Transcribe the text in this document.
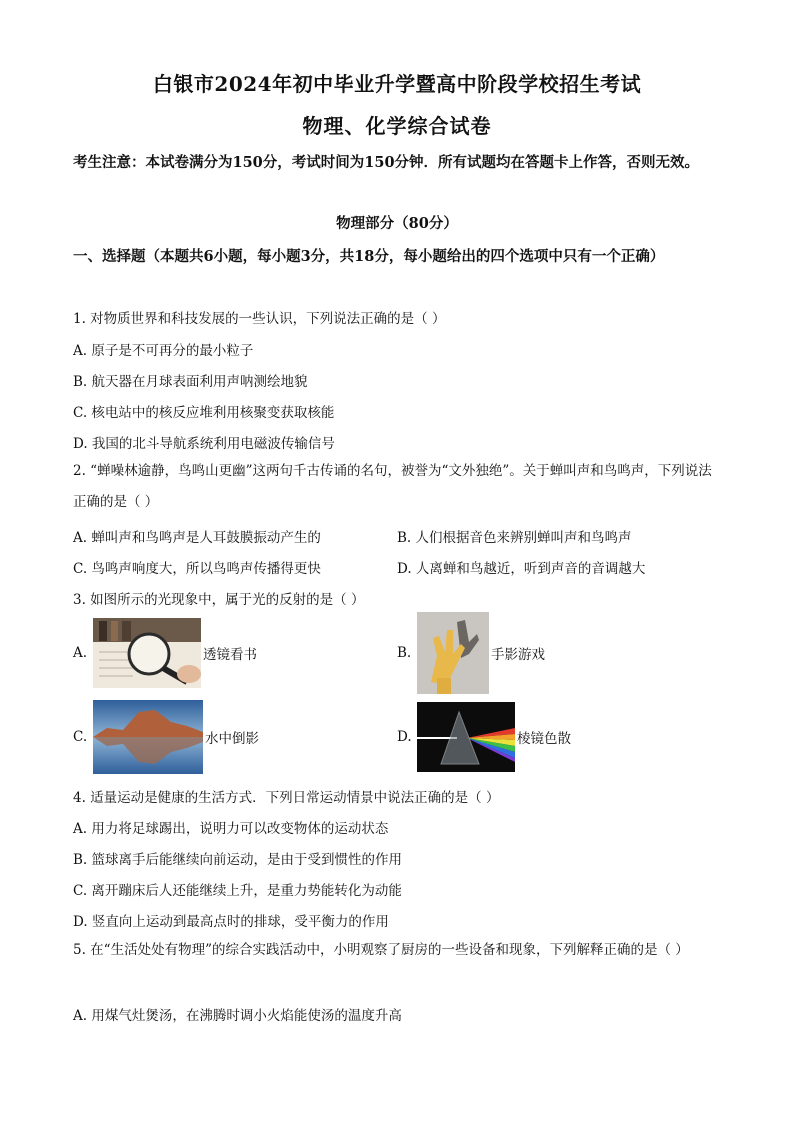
白银市2024年初中毕业升学暨高中阶段学校招生考试
物理、化学综合试卷
考生注意：本试卷满分为150分，考试时间为150分钟．所有试题均在答题卡上作答，否则无效。
物理部分（80分）
一、选择题（本题共6小题，每小题3分，共18分，每小题给出的四个选项中只有一个正确）
1. 对物质世界和科技发展的一些认识，下列说法正确的是（ ）
A. 原子是不可再分的最小粒子
B. 航天器在月球表面利用声呐测绘地貌
C. 核电站中的核反应堆利用核聚变获取核能
D. 我国的北斗导航系统利用电磁波传输信号
2. “蝉噪林逾静，鸟鸣山更幽”这两句千古传诵的名句，被誉为“文外独绝”。关于蝉叫声和鸟鸣声，下列说法正确的是（ ）
A. 蝉叫声和鸟鸣声是人耳鼓膜振动产生的	B. 人们根据音色来辨别蝉叫声和鸟鸣声
C. 鸟鸣声响度大，所以鸟鸣声传播得更快	D. 人离蝉和鸟越近，听到声音的音调越大
3. 如图所示的光现象中，属于光的反射的是（ ）
A.	透镜看书	B.	手影游戏
C.	水中倒影	D.	棱镜色散
4. 适量运动是健康的生活方式．下列日常运动情景中说法正确的是（ ）
A. 用力将足球踢出，说明力可以改变物体的运动状态
B. 篮球离手后能继续向前运动，是由于受到惯性的作用
C. 离开蹦床后人还能继续上升，是重力势能转化为动能
D. 竖直向上运动到最高点时的排球，受平衡力的作用
5. 在“生活处处有物理”的综合实践活动中，小明观察了厨房的一些设备和现象，下列解释正确的是（ ）
A. 用煤气灶煲汤，在沸腾时调小火焰能使汤的温度升高
